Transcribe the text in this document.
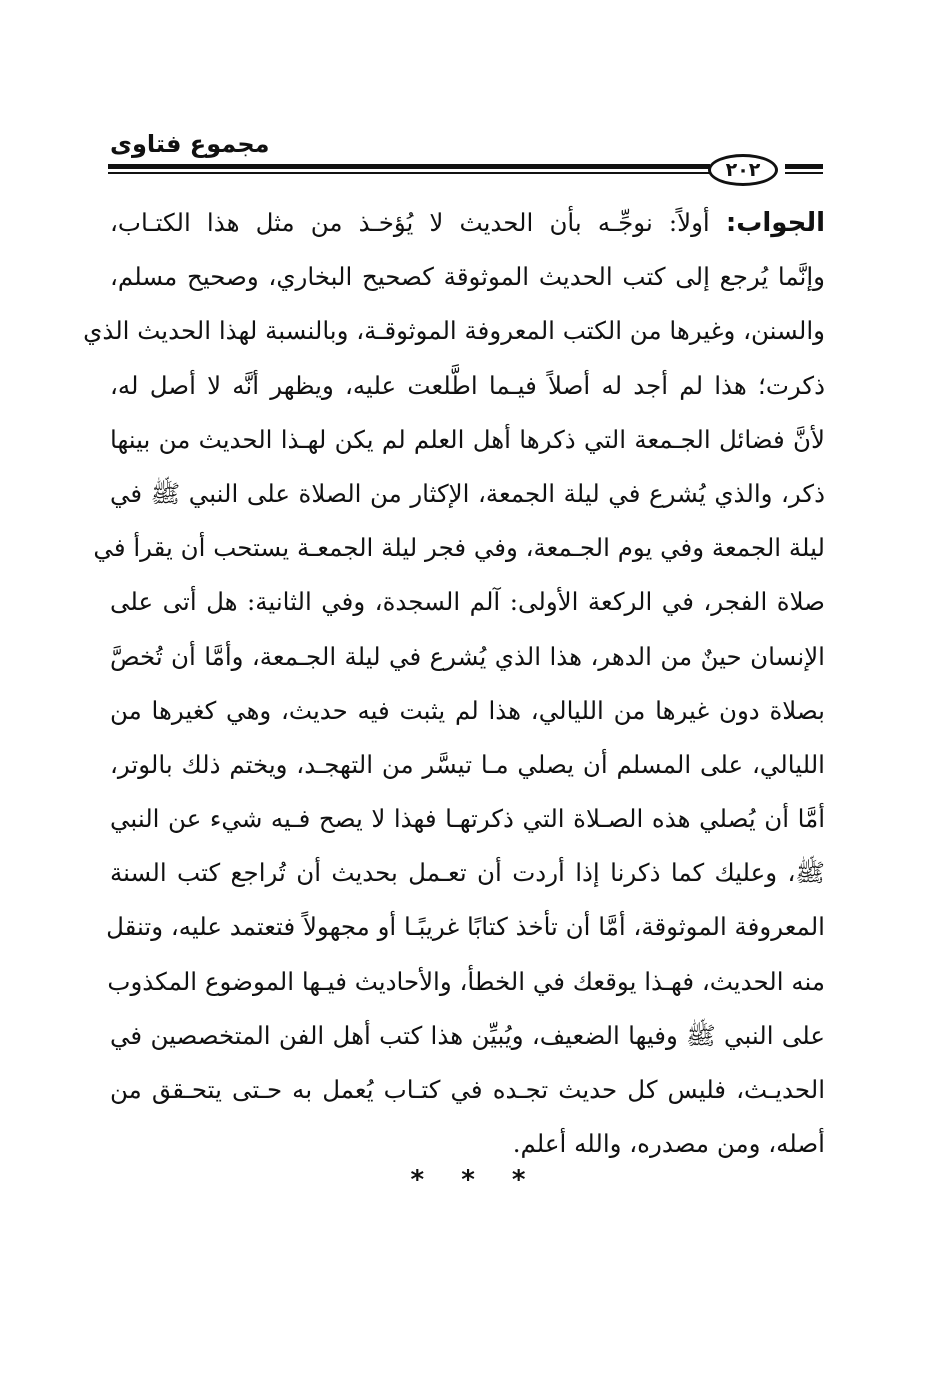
مجموع فتاوى
٢٠٢
الجواب: أولاً: نوجِّـه بأن الحديث لا يُؤخـذ من مثل هذا الكتـاب،
وإنَّما يُرجع إلى كتب الحديث الموثوقة كصحيح البخاري، وصحيح مسلم،
والسنن، وغيرها من الكتب المعروفة الموثوقـة، وبالنسبة لهذا الحديث الذي
ذكرت؛ هذا لم أجد له أصلاً فيـما اطَّلعت عليه، ويظهر أنَّه لا أصل له،
لأنَّ فضائل الجـمعة التي ذكرها أهل العلم لم يكن لهـذا الحديث من بينها
ذكر، والذي يُشرع في ليلة الجمعة، الإكثار من الصلاة على النبي ﷺ في
ليلة الجمعة وفي يوم الجـمعة، وفي فجر ليلة الجمعـة يستحب أن يقرأ في
صلاة الفجر، في الركعة الأولى: آلم السجدة، وفي الثانية: هل أتى على
الإنسان حينٌ من الدهر، هذا الذي يُشرع في ليلة الجـمعة، وأمَّا أن تُخصَّ
بصلاة دون غيرها من الليالي، هذا لم يثبت فيه حديث، وهي كغيرها من
الليالي، على المسلم أن يصلي مـا تيسَّر من التهجـد، ويختم ذلك بالوتر،
أمَّا أن يُصلي هذه الصـلاة التي ذكرتهـا فهذا لا يصح فـيه شيء عن النبي
ﷺ، وعليك كما ذكرنا إذا أردت أن تعـمل بحديث أن تُراجع كتب السنة
المعروفة الموثوقة، أمَّا أن تأخذ كتابًا غريبًـا أو مجهولاً فتعتمد عليه، وتنقل
منه الحديث، فهـذا يوقعك في الخطأ، والأحاديث فيـها الموضوع المكذوب
على النبي ﷺ وفيها الضعيف، ويُبيِّن هذا كتب أهل الفن المتخصصين في
الحديـث، فليس كل حديث تجـده في كتـاب يُعمل به حـتى يتحـقق من
أصله، ومن مصدره، والله أعلم.
* * *
